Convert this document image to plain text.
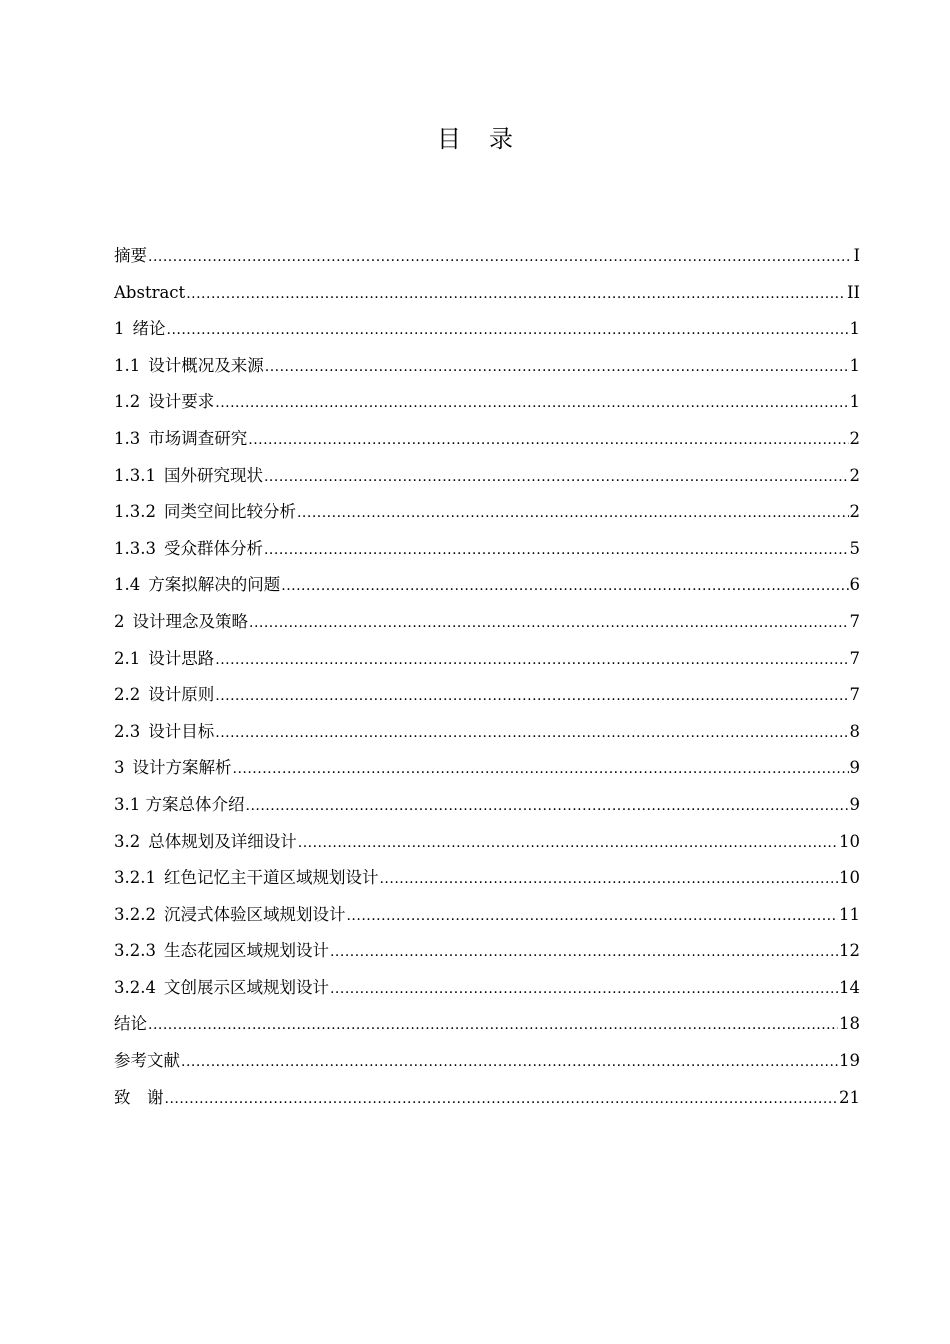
目录
摘要 .....	I
Abstract .....	II
1 绪论 .....	1
1.1 设计概况及来源 .....	1
1.2 设计要求 .....	1
1.3 市场调查研究 .....	2
1.3.1 国外研究现状 .....	2
1.3.2 同类空间比较分析 .....	2
1.3.3 受众群体分析 .....	5
1.4 方案拟解决的问题 .....	6
2 设计理念及策略 .....	7
2.1 设计思路 .....	7
2.2 设计原则 .....	7
2.3 设计目标 .....	8
3 设计方案解析 .....	9
3.1 方案总体介绍 .....	9
3.2 总体规划及详细设计 .....	10
3.2.1 红色记忆主干道区域规划设计 .....	10
3.2.2 沉浸式体验区域规划设计 .....	11
3.2.3 生态花园区域规划设计 .....	12
3.2.4 文创展示区域规划设计 .....	14
结论 .....	18
参考文献 .....	19
致　谢 .....	21
